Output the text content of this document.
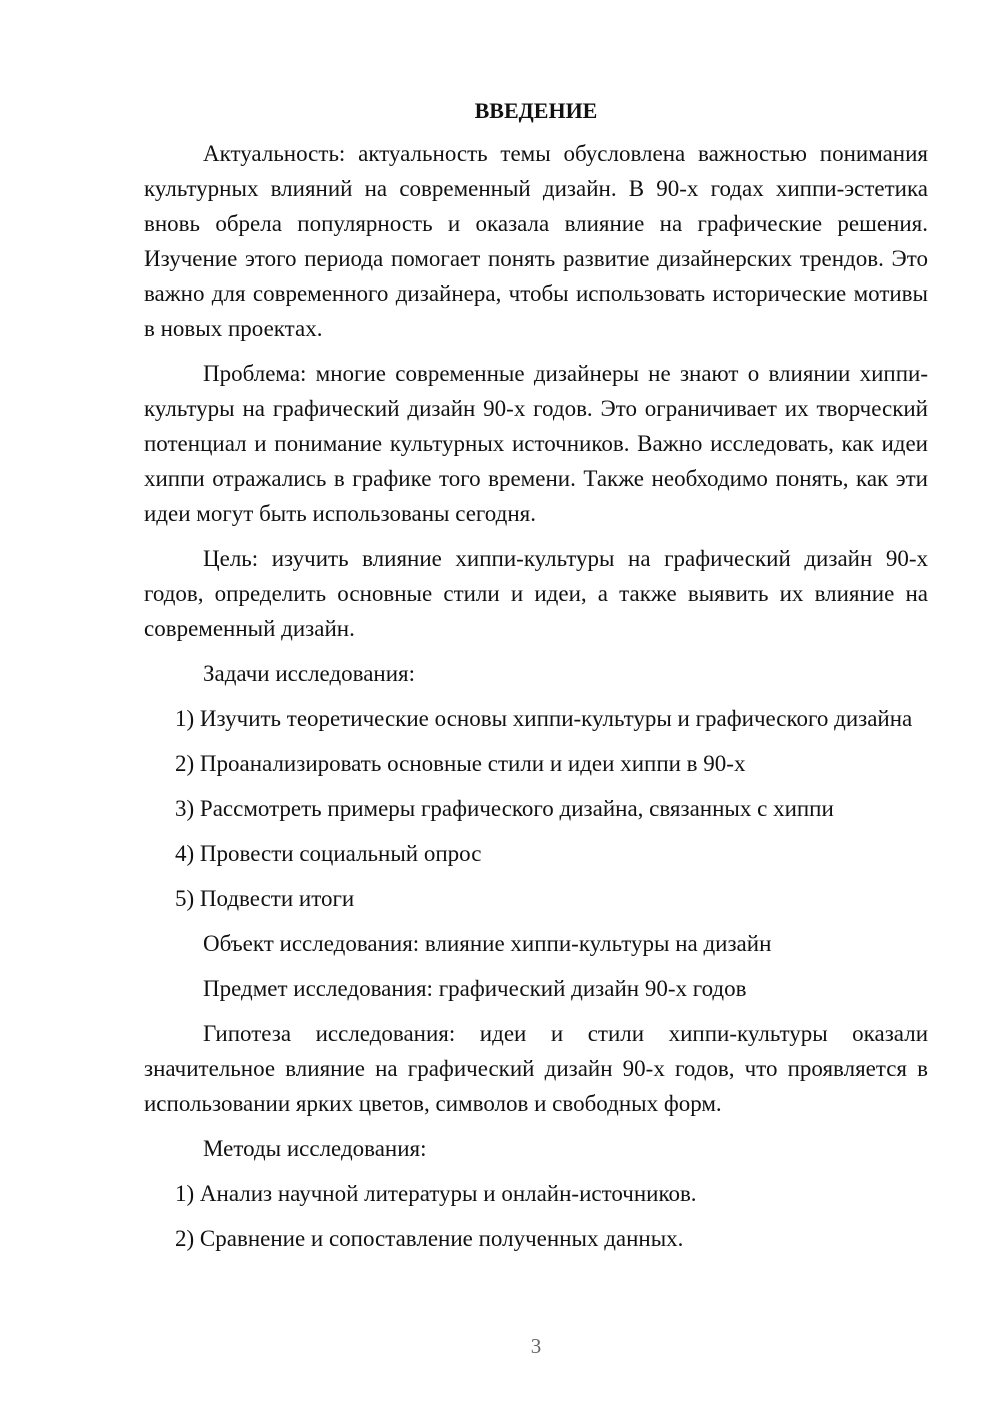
ВВЕДЕНИЕ

Актуальность: актуальность темы обусловлена важностью понимания культурных влияний на современный дизайн. В 90-х годах хиппи-эстетика вновь обрела популярность и оказала влияние на графические решения. Изучение этого периода помогает понять развитие дизайнерских трендов. Это важно для современного дизайнера, чтобы использовать исторические мотивы в новых проектах.

Проблема: многие современные дизайнеры не знают о влиянии хиппи-культуры на графический дизайн 90-х годов. Это ограничивает их творческий потенциал и понимание культурных источников. Важно исследовать, как идеи хиппи отражались в графике того времени. Также необходимо понять, как эти идеи могут быть использованы сегодня.

Цель: изучить влияние хиппи-культуры на графический дизайн 90-х годов, определить основные стили и идеи, а также выявить их влияние на современный дизайн.

Задачи исследования:

1) Изучить теоретические основы хиппи-культуры и графического дизайна

2) Проанализировать основные стили и идеи хиппи в 90-х

3) Рассмотреть примеры графического дизайна, связанных с хиппи

4) Провести социальный опрос

5) Подвести итоги

Объект исследования: влияние хиппи-культуры на дизайн

Предмет исследования: графический дизайн 90-х годов

Гипотеза исследования: идеи и стили хиппи-культуры оказали значительное влияние на графический дизайн 90-х годов, что проявляется в использовании ярких цветов, символов и свободных форм.

Методы исследования:

1) Анализ научной литературы и онлайн-источников.

2) Сравнение и сопоставление полученных данных.

3
